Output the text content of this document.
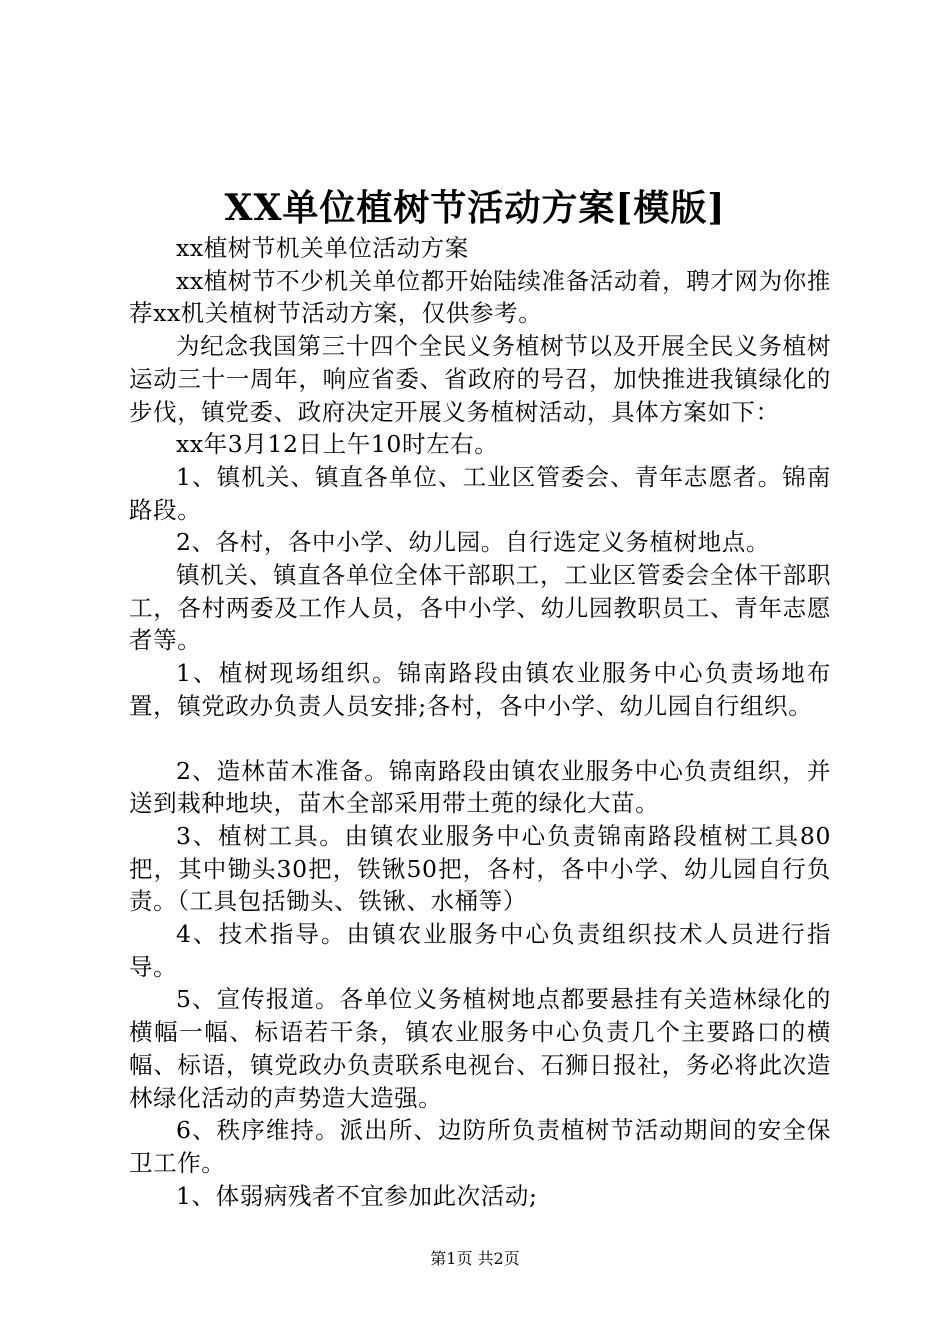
XX单位植树节活动方案[模版]

xx植树节机关单位活动方案

xx植树节不少机关单位都开始陆续准备活动着，聘才网为你推荐xx机关植树节活动方案，仅供参考。

为纪念我国第三十四个全民义务植树节以及开展全民义务植树运动三十一周年，响应省委、省政府的号召，加快推进我镇绿化的步伐，镇党委、政府决定开展义务植树活动，具体方案如下：

xx年3月12日上午10时左右。

1、镇机关、镇直各单位、工业区管委会、青年志愿者。锦南路段。

2、各村，各中小学、幼儿园。自行选定义务植树地点。

镇机关、镇直各单位全体干部职工，工业区管委会全体干部职工，各村两委及工作人员，各中小学、幼儿园教职员工、青年志愿者等。

1、植树现场组织。锦南路段由镇农业服务中心负责场地布置，镇党政办负责人员安排;各村，各中小学、幼儿园自行组织。

2、造林苗木准备。锦南路段由镇农业服务中心负责组织，并送到栽种地块，苗木全部采用带土蔸的绿化大苗。

3、植树工具。由镇农业服务中心负责锦南路段植树工具80把，其中锄头30把，铁锹50把，各村，各中小学、幼儿园自行负责。（工具包括锄头、铁锹、水桶等）

4、技术指导。由镇农业服务中心负责组织技术人员进行指导。

5、宣传报道。各单位义务植树地点都要悬挂有关造林绿化的横幅一幅、标语若干条，镇农业服务中心负责几个主要路口的横幅、标语，镇党政办负责联系电视台、石狮日报社，务必将此次造林绿化活动的声势造大造强。

6、秩序维持。派出所、边防所负责植树节活动期间的安全保卫工作。

1、体弱病残者不宜参加此次活动;

第1页 共2页
